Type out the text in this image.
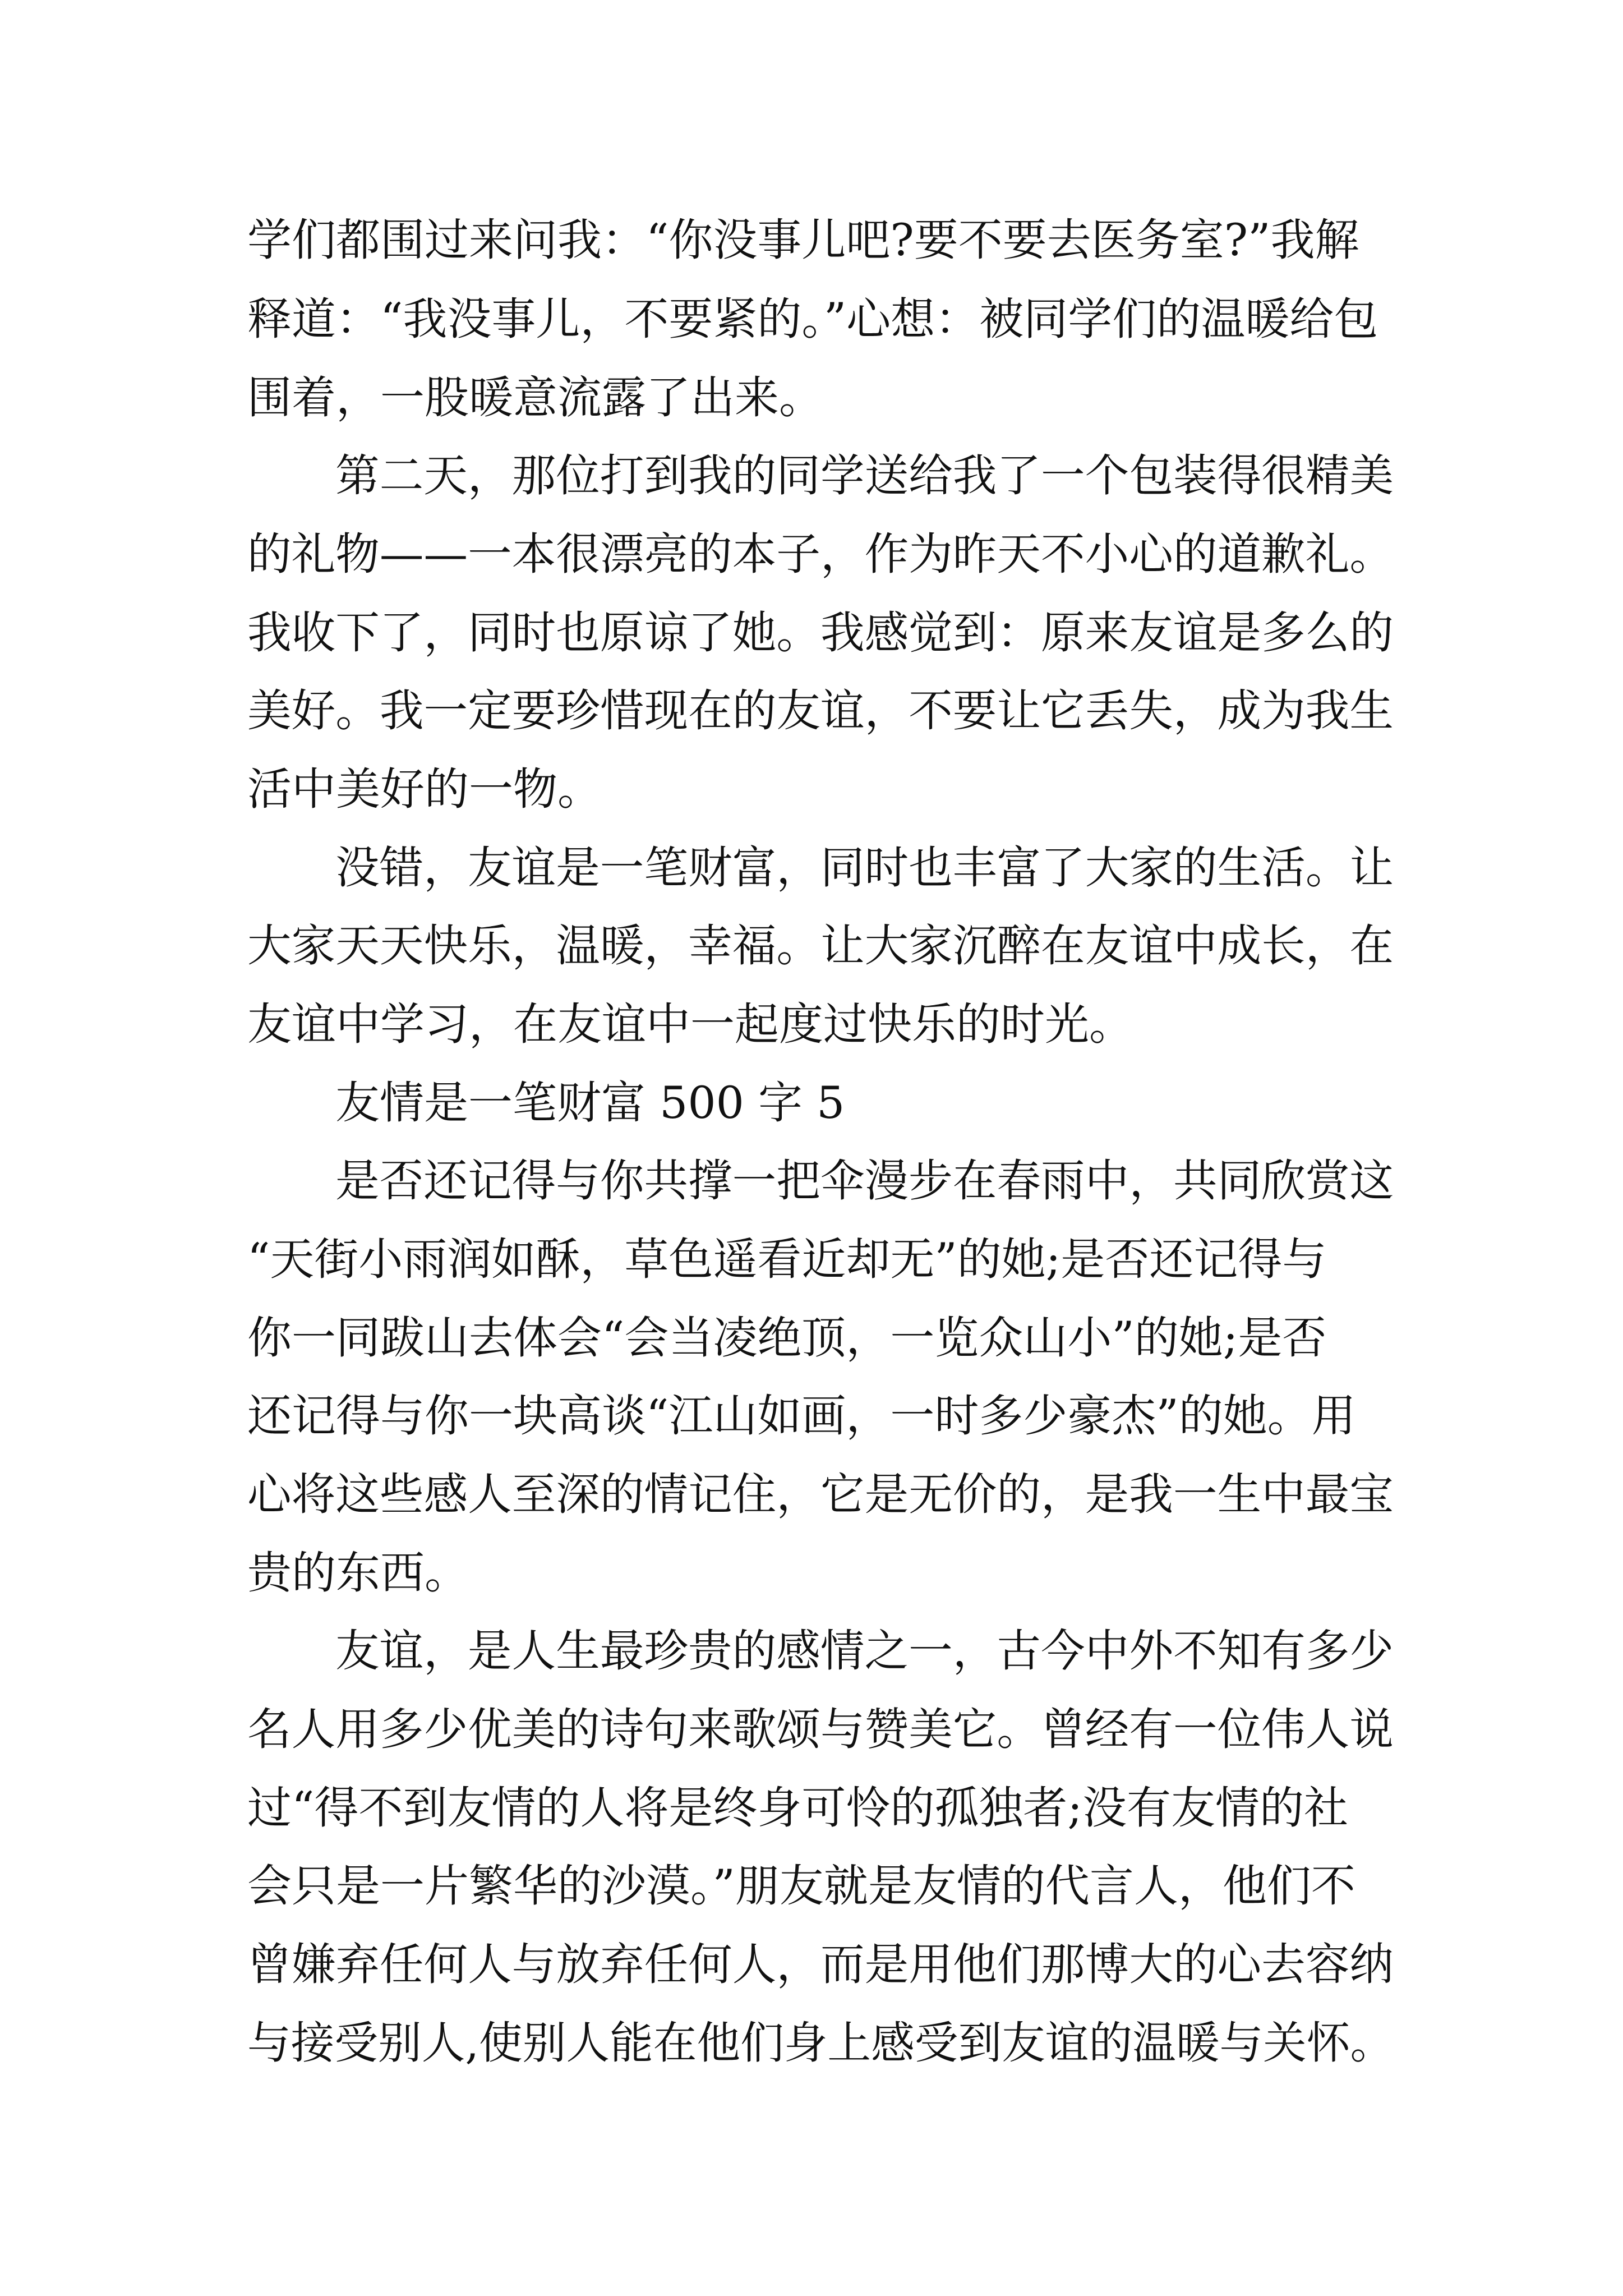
学们都围过来问我：“你没事儿吧?要不要去医务室?”我解
释道：“我没事儿，不要紧的。”心想：被同学们的温暖给包
围着，一股暖意流露了出来。
第二天，那位打到我的同学送给我了一个包装得很精美
的礼物——一本很漂亮的本子，作为昨天不小心的道歉礼。
我收下了，同时也原谅了她。我感觉到：原来友谊是多么的
美好。我一定要珍惜现在的友谊，不要让它丢失，成为我生
活中美好的一物。
没错，友谊是一笔财富，同时也丰富了大家的生活。让
大家天天快乐，温暖，幸福。让大家沉醉在友谊中成长，在
友谊中学习，在友谊中一起度过快乐的时光。
友情是一笔财富 500 字 5
是否还记得与你共撑一把伞漫步在春雨中，共同欣赏这
“天街小雨润如酥，草色遥看近却无”的她;是否还记得与
你一同跋山去体会“会当凌绝顶，一览众山小”的她;是否
还记得与你一块高谈“江山如画，一时多少豪杰”的她。用
心将这些感人至深的情记住，它是无价的，是我一生中最宝
贵的东西。
友谊，是人生最珍贵的感情之一，古今中外不知有多少
名人用多少优美的诗句来歌颂与赞美它。曾经有一位伟人说
过“得不到友情的人将是终身可怜的孤独者;没有友情的社
会只是一片繁华的沙漠。”朋友就是友情的代言人，他们不
曾嫌弃任何人与放弃任何人，而是用他们那博大的心去容纳
与接受别人,使别人能在他们身上感受到友谊的温暖与关怀。
